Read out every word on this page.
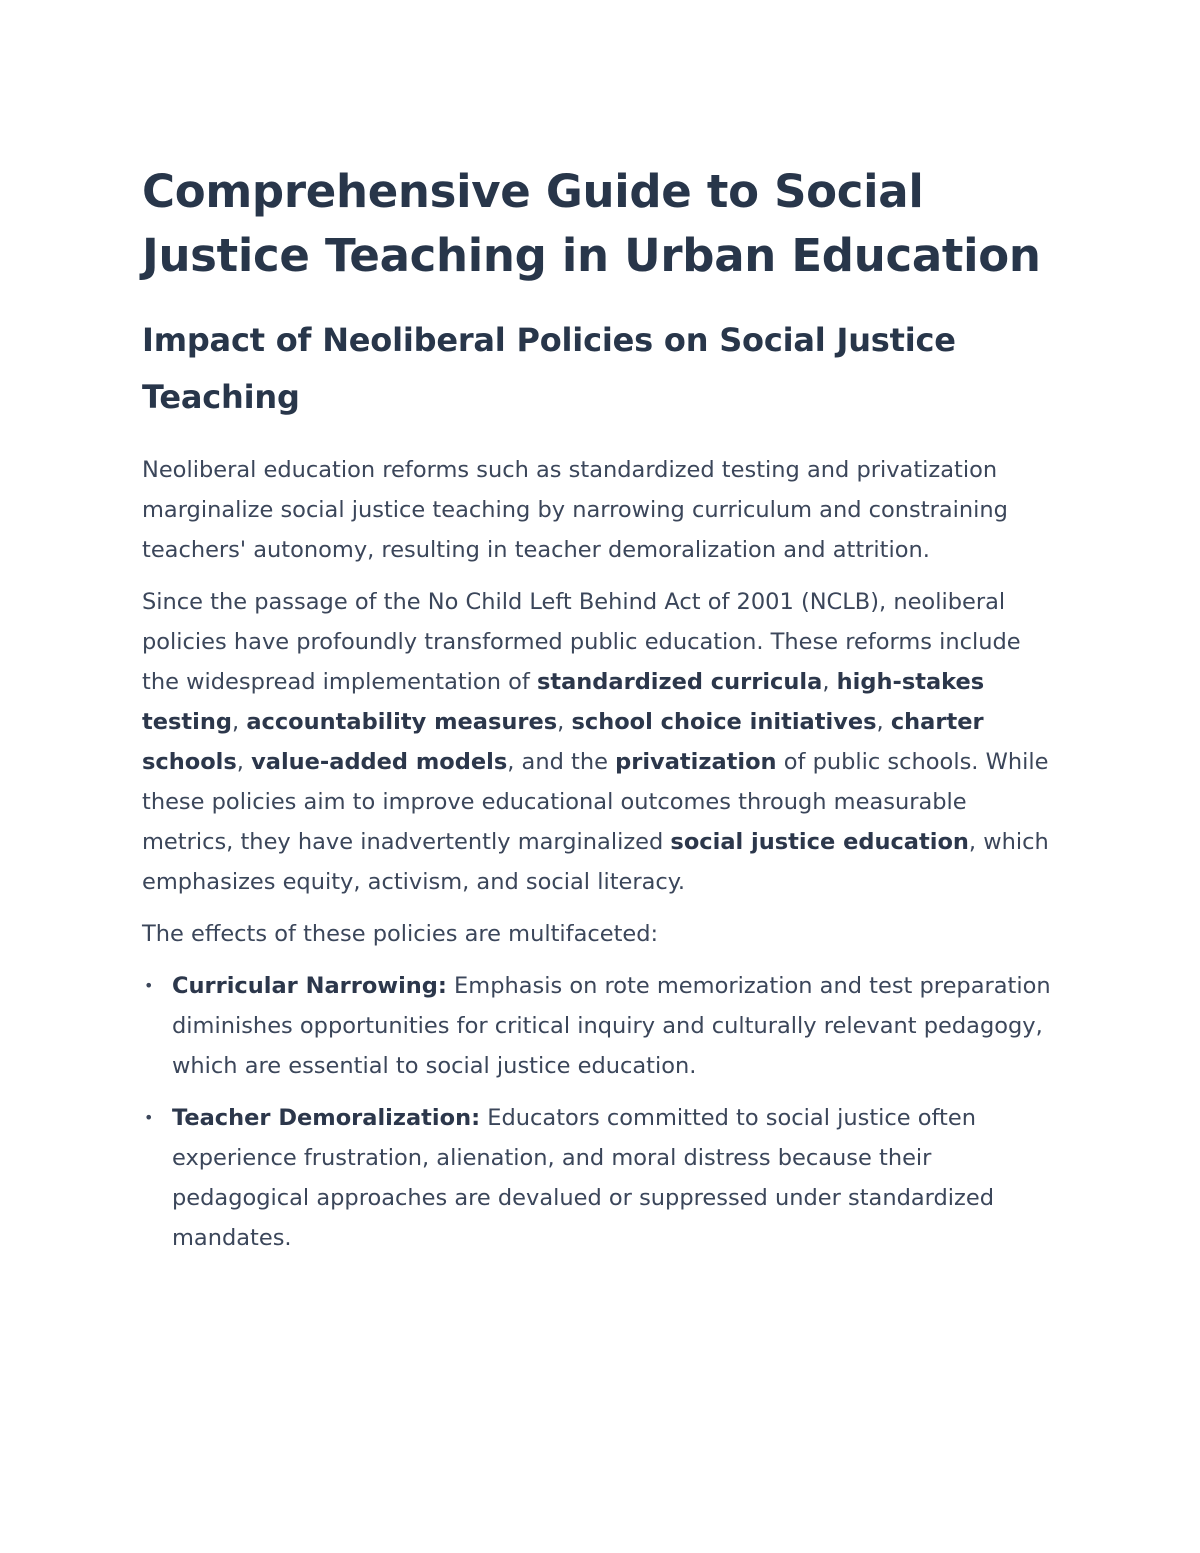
Comprehensive Guide to Social Justice Teaching in Urban Education
Impact of Neoliberal Policies on Social Justice Teaching

Neoliberal education reforms such as standardized testing and privatization marginalize social justice teaching by narrowing curriculum and constraining teachers' autonomy, resulting in teacher demoralization and attrition.

Since the passage of the No Child Left Behind Act of 2001 (NCLB), neoliberal policies have profoundly transformed public education. These reforms include the widespread implementation of standardized curricula, high-stakes testing, accountability measures, school choice initiatives, charter schools, value-added models, and the privatization of public schools. While these policies aim to improve educational outcomes through measurable metrics, they have inadvertently marginalized social justice education, which emphasizes equity, activism, and social literacy.

The effects of these policies are multifaceted:

• Curricular Narrowing: Emphasis on rote memorization and test preparation diminishes opportunities for critical inquiry and culturally relevant pedagogy, which are essential to social justice education.
• Teacher Demoralization: Educators committed to social justice often experience frustration, alienation, and moral distress because their pedagogical approaches are devalued or suppressed under standardized mandates.
